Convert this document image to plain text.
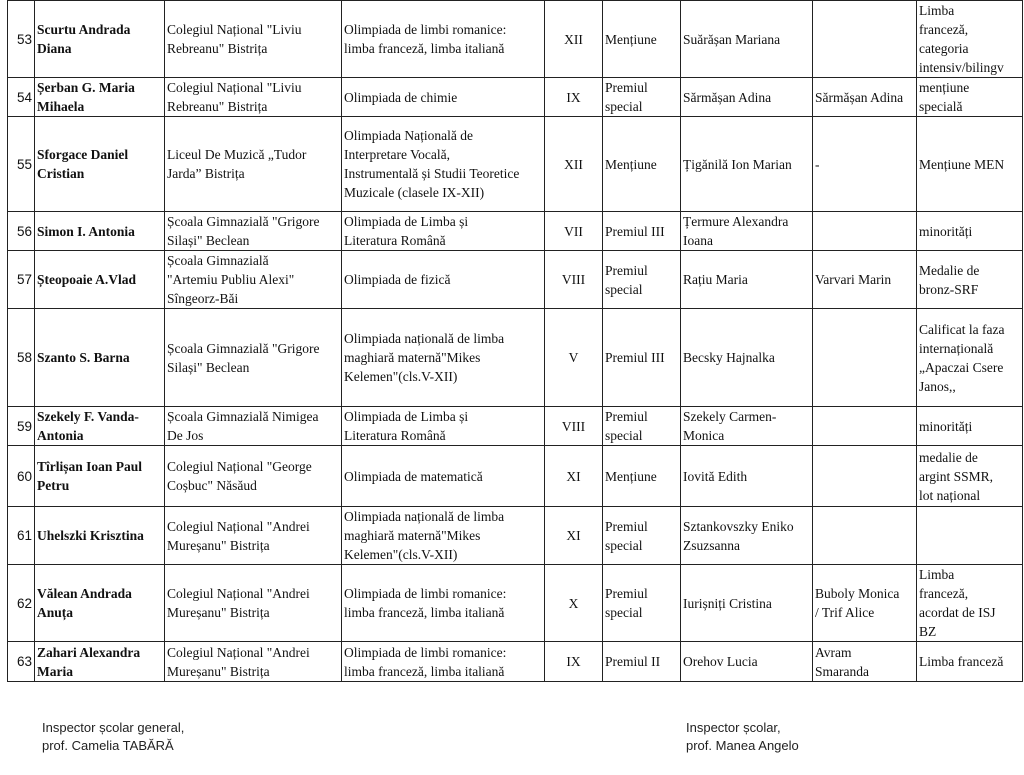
53	Scurtu Andrada
Diana	Colegiul Național "Liviu
Rebreanu" Bistrița	Olimpiada de limbi romanice:
limba franceză, limba italiană	XII	Mențiune	Suărășan Mariana		Limba
franceză,
categoria
intensiv/bilingv
54	Șerban G. Maria
Mihaela	Colegiul Național "Liviu
Rebreanu" Bistrița	Olimpiada de chimie	IX	Premiul
special	Sărmășan Adina	Sărmășan Adina	mențiune
specială
55	Sforgace Daniel
Cristian	Liceul De Muzică „Tudor
Jarda” Bistrița	Olimpiada Națională de
Interpretare Vocală,
Instrumentală și Studii Teoretice
Muzicale (clasele IX-XII)	XII	Mențiune	Țigănilă Ion Marian	-	Mențiune MEN
56	Simon I. Antonia	Școala Gimnazială "Grigore
Silași" Beclean	Olimpiada de Limba și
Literatura Română	VII	Premiul III	Țermure Alexandra
Ioana		minorități
57	Șteopoaie A.Vlad	Școala Gimnazială
"Artemiu Publiu Alexi"
Sîngeorz-Băi	Olimpiada de fizică	VIII	Premiul
special	Rațiu Maria	Varvari Marin	Medalie de
bronz-SRF
58	Szanto S. Barna	Școala Gimnazială "Grigore
Silași" Beclean	Olimpiada națională de limba
maghiară maternă"Mikes
Kelemen"(cls.V-XII)	V	Premiul III	Becsky Hajnalka		Calificat la faza
internațională
„Apaczai Csere
Janos,,
59	Szekely F. Vanda-
Antonia	Școala Gimnazială Nimigea
De Jos	Olimpiada de Limba și
Literatura Română	VIII	Premiul
special	Szekely Carmen-
Monica		minorități
60	Tîrlișan Ioan Paul
Petru	Colegiul Național "George
Coșbuc" Năsăud	Olimpiada de matematică	XI	Mențiune	Iovită Edith		medalie de
argint SSMR,
lot național
61	Uhelszki Krisztina	Colegiul Național "Andrei
Mureșanu" Bistrița	Olimpiada națională de limba
maghiară maternă"Mikes
Kelemen"(cls.V-XII)	XI	Premiul
special	Sztankovszky Eniko
Zsuzsanna		
62	Vălean Andrada
Anuța	Colegiul Național "Andrei
Mureșanu" Bistrița	Olimpiada de limbi romanice:
limba franceză, limba italiană	X	Premiul
special	Iurișniți Cristina	Buboly Monica
/ Trif Alice	Limba
franceză,
acordat de ISJ
BZ
63	Zahari Alexandra
Maria	Colegiul Național "Andrei
Mureșanu" Bistrița	Olimpiada de limbi romanice:
limba franceză, limba italiană	IX	Premiul II	Orehov Lucia	Avram
Smaranda	Limba franceză
Inspector școlar general,
prof. Camelia TABĂRĂ
Inspector școlar,
prof. Manea Angelo
